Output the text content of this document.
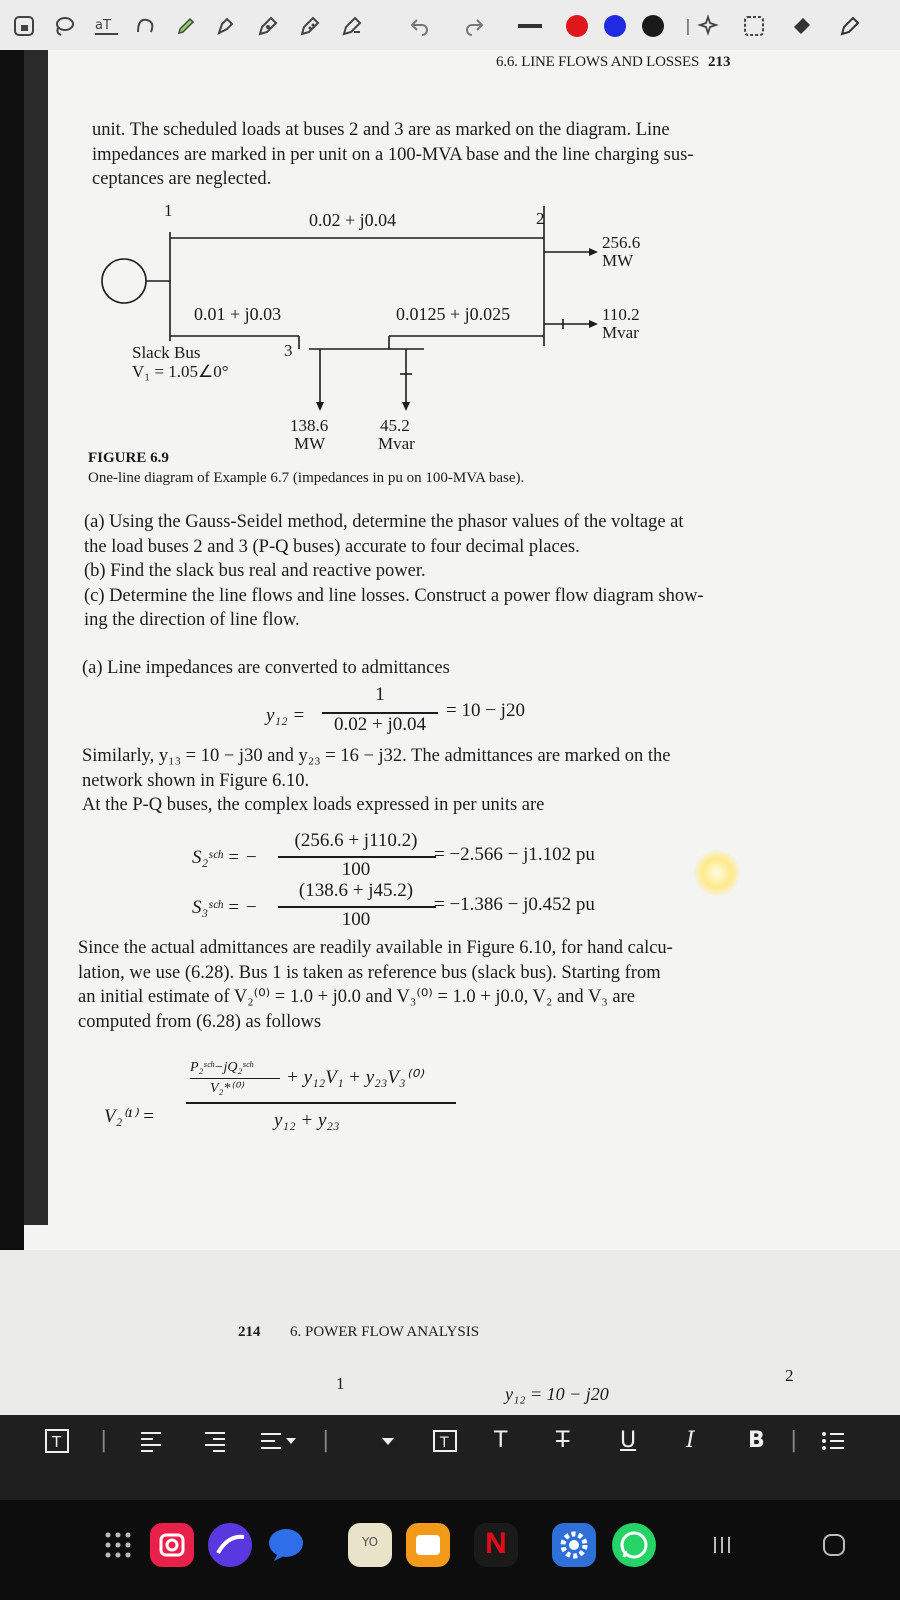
aT	|
6.6. LINE FLOWS AND LOSSES 213
unit. The scheduled loads at buses 2 and 3 are as marked on the diagram. Line
impedances are marked in per unit on a 100-MVA base and the line charging sus-
ceptances are neglected.
1	2
0.02 + j0.04
0.01 + j0.03	0.0125 + j0.025
256.6
MW
110.2
Mvar
Slack Bus
V₁ = 1.05∠0°
3
138.6
MW
45.2
Mvar
FIGURE 6.9
One-line diagram of Example 6.7 (impedances in pu on 100-MVA base).
(a) Using the Gauss-Seidel method, determine the phasor values of the voltage at
the load buses 2 and 3 (P-Q buses) accurate to four decimal places.
(b) Find the slack bus real and reactive power.
(c) Determine the line flows and line losses. Construct a power flow diagram show-
ing the direction of line flow.
(a) Line impedances are converted to admittances
y₁₂ =
1
0.02 + j0.04
= 10 − j20
Similarly, y₁₃ = 10 − j30 and y₂₃ = 16 − j32. The admittances are marked on the
network shown in Figure 6.10.
At the P-Q buses, the complex loads expressed in per units are
S₂ˢᶜʰ = −
(256.6 + j110.2)
100
= −2.566 − j1.102 pu
S₃ˢᶜʰ = −
(138.6 + j45.2)
100
= −1.386 − j0.452 pu
Since the actual admittances are readily available in Figure 6.10, for hand calcu-
lation, we use (6.28). Bus 1 is taken as reference bus (slack bus). Starting from
an initial estimate of V₂⁽⁰⁾ = 1.0 + j0.0 and V₃⁽⁰⁾ = 1.0 + j0.0, V₂ and V₃ are
computed from (6.28) as follows
V₂⁽¹⁾ =
P₂ˢᶜʰ−jQ₂ˢᶜʰ
V₂*⁽⁰⁾
+ y₁₂V₁ + y₂₃V₃⁽⁰⁾
y₁₂ + y₂₃
214 6. POWER FLOW ANALYSIS
1	2
y₁₂ = 10 − j20
T |	|	T T T U I B |
YO	N
